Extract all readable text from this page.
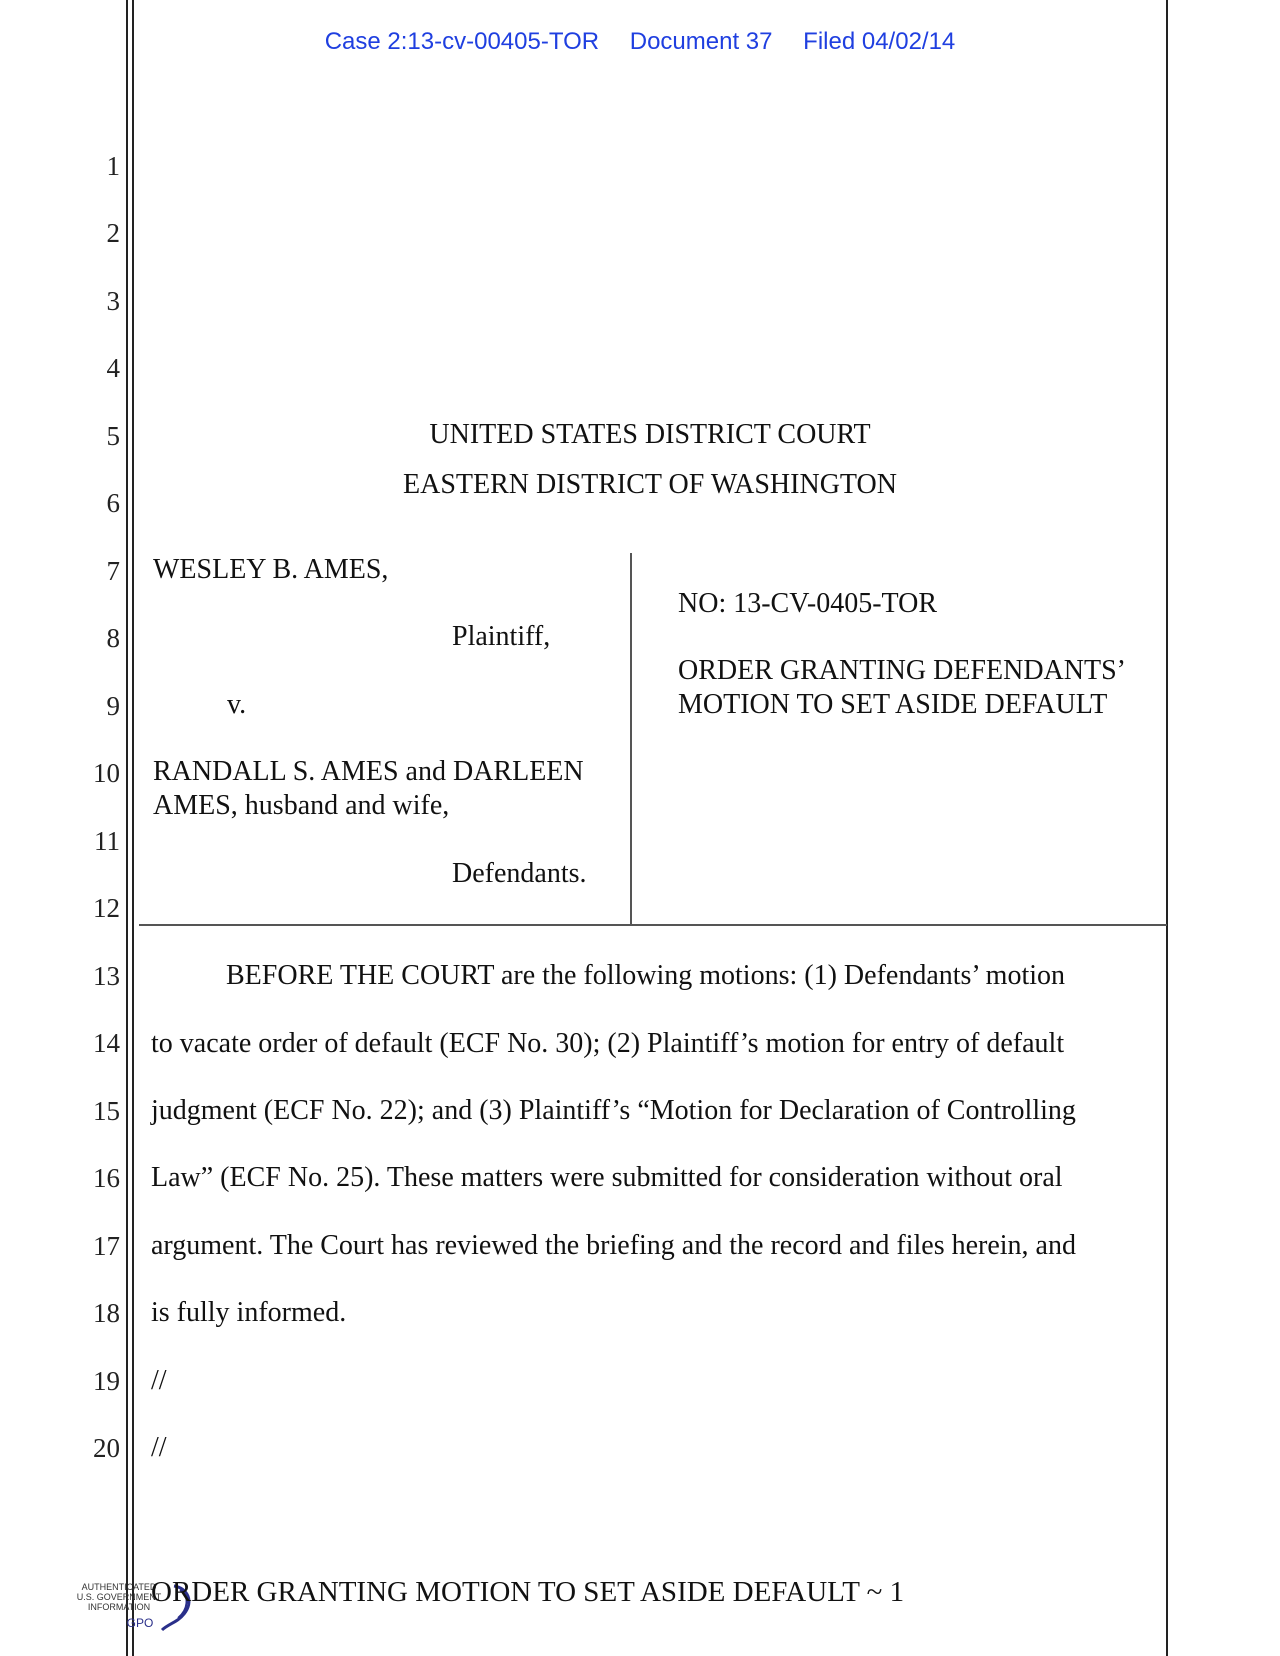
Case 2:13-cv-00405-TOR Document 37 Filed 04/02/14
1
2
3
4
5
6
7
8
9
10
11
12
13
14
15
16
17
18
19
20
UNITED STATES DISTRICT COURT
EASTERN DISTRICT OF WASHINGTON
WESLEY B. AMES,
Plaintiff,
v.
RANDALL S. AMES and DARLEEN
AMES, husband and wife,
Defendants.
NO: 13-CV-0405-TOR
ORDER GRANTING DEFENDANTS’
MOTION TO SET ASIDE DEFAULT
BEFORE THE COURT are the following motions: (1) Defendants’ motion
to vacate order of default (ECF No. 30); (2) Plaintiff’s motion for entry of default
judgment (ECF No. 22); and (3) Plaintiff’s “Motion for Declaration of Controlling
Law” (ECF No. 25). These matters were submitted for consideration without oral
argument. The Court has reviewed the briefing and the record and files herein, and
is fully informed.
//
//
AUTHENTICATED
U.S. GOVERNMENT
INFORMATION
GPO
ORDER GRANTING MOTION TO SET ASIDE DEFAULT ~ 1
